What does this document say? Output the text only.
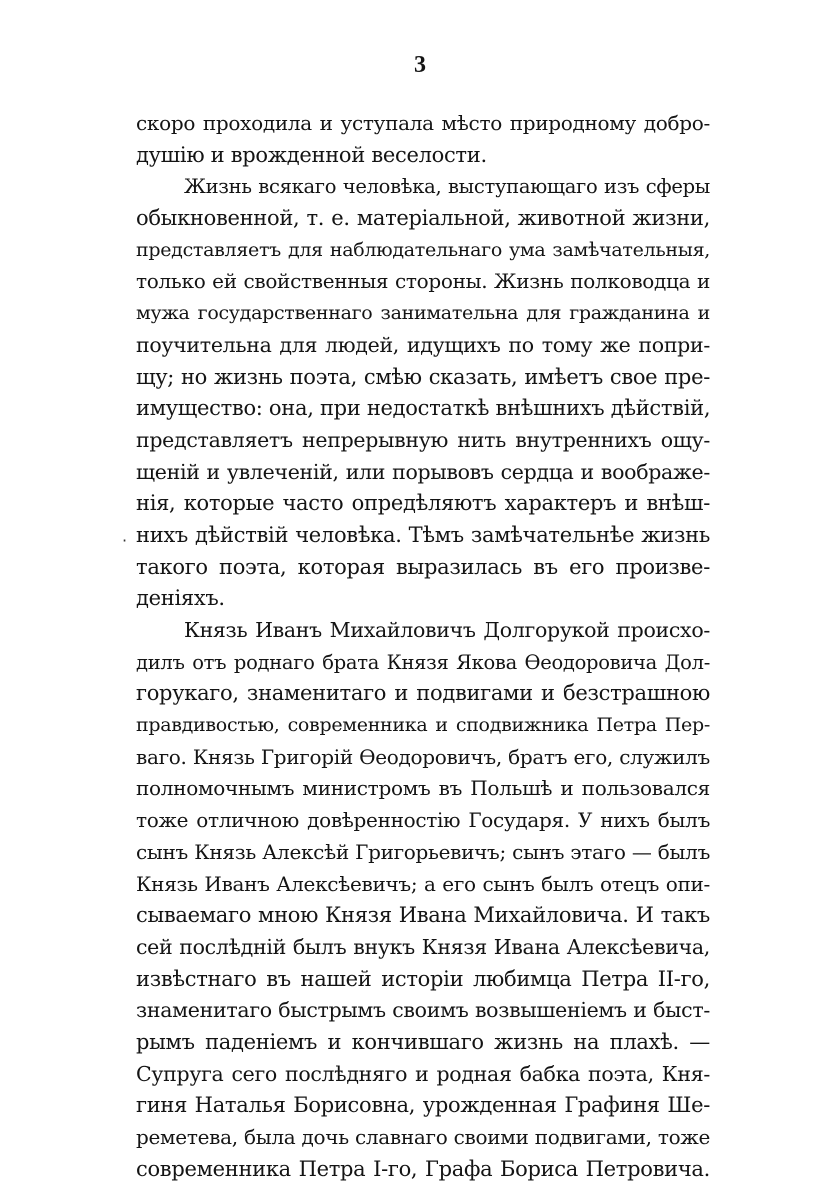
3
·
скоро проходила и уступала мѣсто природному добро-
душію и врожденной веселости.
Жизнь всякаго человѣка, выступающаго изъ сферы
обыкновенной, т. е. матеріальной, животной жизни,
представляетъ для наблюдательнаго ума замѣчательныя,
только ей свойственныя стороны. Жизнь полководца и
мужа государственнаго занимательна для гражданина и
поучительна для людей, идущихъ по тому же попри-
щу; но жизнь поэта, смѣю сказать, имѣетъ свое пре-
имущество: она, при недостаткѣ внѣшнихъ дѣйствій,
представляетъ непрерывную нить внутреннихъ ощу-
щеній и увлеченій, или порывовъ сердца и воображе-
нія, которые часто опредѣляютъ характеръ и внѣш-
нихъ дѣйствій человѣка. Тѣмъ замѣчательнѣе жизнь
такого поэта, которая выразилась въ его произве-
деніяхъ.
Князь Иванъ Михайловичъ Долгорукой происхо-
дилъ отъ роднаго брата Князя Якова Өеодоровича Дол-
горукаго, знаменитаго и подвигами и безстрашною
правдивостью, современника и сподвижника Петра Пер-
ваго. Князь Григорій Өеодоровичъ, братъ его, служилъ
полномочнымъ министромъ въ Польшѣ и пользовался
тоже отличною довѣренностію Государя. У нихъ былъ
сынъ Князь Алексѣй Григорьевичъ; сынъ этаго — былъ
Князь Иванъ Алексѣевичъ; а его сынъ былъ отецъ опи-
сываемаго мною Князя Ивана Михайловича. И такъ
сей послѣдній былъ внукъ Князя Ивана Алексѣевича,
извѣстнаго въ нашей исторіи любимца Петра II-го,
знаменитаго быстрымъ своимъ возвышеніемъ и быст-
рымъ паденіемъ и кончившаго жизнь на плахѣ. —
Супруга сего послѣдняго и родная бабка поэта, Кня-
гиня Наталья Борисовна, урожденная Графиня Ше-
реметева, была дочь славнаго своими подвигами, тоже
современника Петра I-го, Графа Бориса Петровича.
